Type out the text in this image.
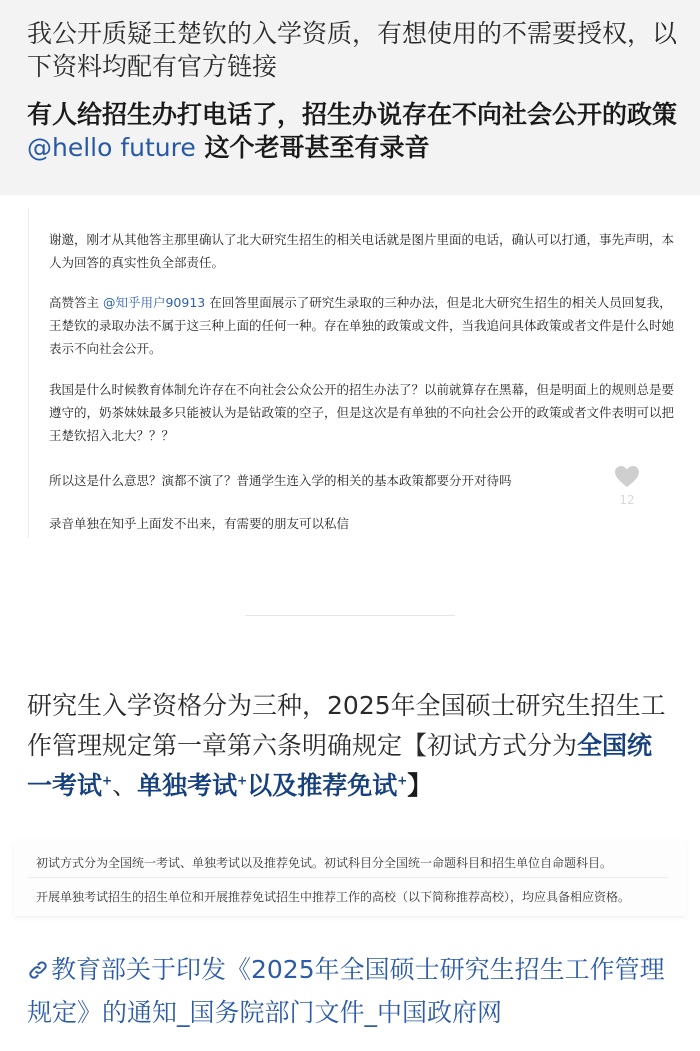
我公开质疑王楚钦的入学资质，有想使用的不需要授权，以下资料均配有官方链接

有人给招生办打电话了，招生办说存在不向社会公开的政策 @hello future 这个老哥甚至有录音

谢邀，刚才从其他答主那里确认了北大研究生招生的相关电话就是图片里面的电话，确认可以打通，事先声明，本人为回答的真实性负全部责任。

高赞答主 @知乎用户90913 在回答里面展示了研究生录取的三种办法，但是北大研究生招生的相关人员回复我，王楚钦的录取办法不属于这三种上面的任何一种。存在单独的政策或文件，当我追问具体政策或者文件是什么时她表示不向社会公开。

我国是什么时候教育体制允许存在不向社会公众公开的招生办法了？以前就算存在黑幕，但是明面上的规则总是要遵守的，奶茶妹妹最多只能被认为是钻政策的空子，但是这次是有单独的不向社会公开的政策或者文件表明可以把王楚钦招入北大？？？

所以这是什么意思？演都不演了？普通学生连入学的相关的基本政策都要分开对待吗

录音单独在知乎上面发不出来，有需要的朋友可以私信

12

研究生入学资格分为三种，2025年全国硕士研究生招生工作管理规定第一章第六条明确规定【初试方式分为全国统一考试+、单独考试+以及推荐免试+】

初试方式分为全国统一考试、单独考试以及推荐免试。初试科目分全国统一命题科目和招生单位自命题科目。

开展单独考试招生的招生单位和开展推荐免试招生中推荐工作的高校（以下简称推荐高校），均应具备相应资格。

教育部关于印发《2025年全国硕士研究生招生工作管理规定》的通知_国务院部门文件_中国政府网
